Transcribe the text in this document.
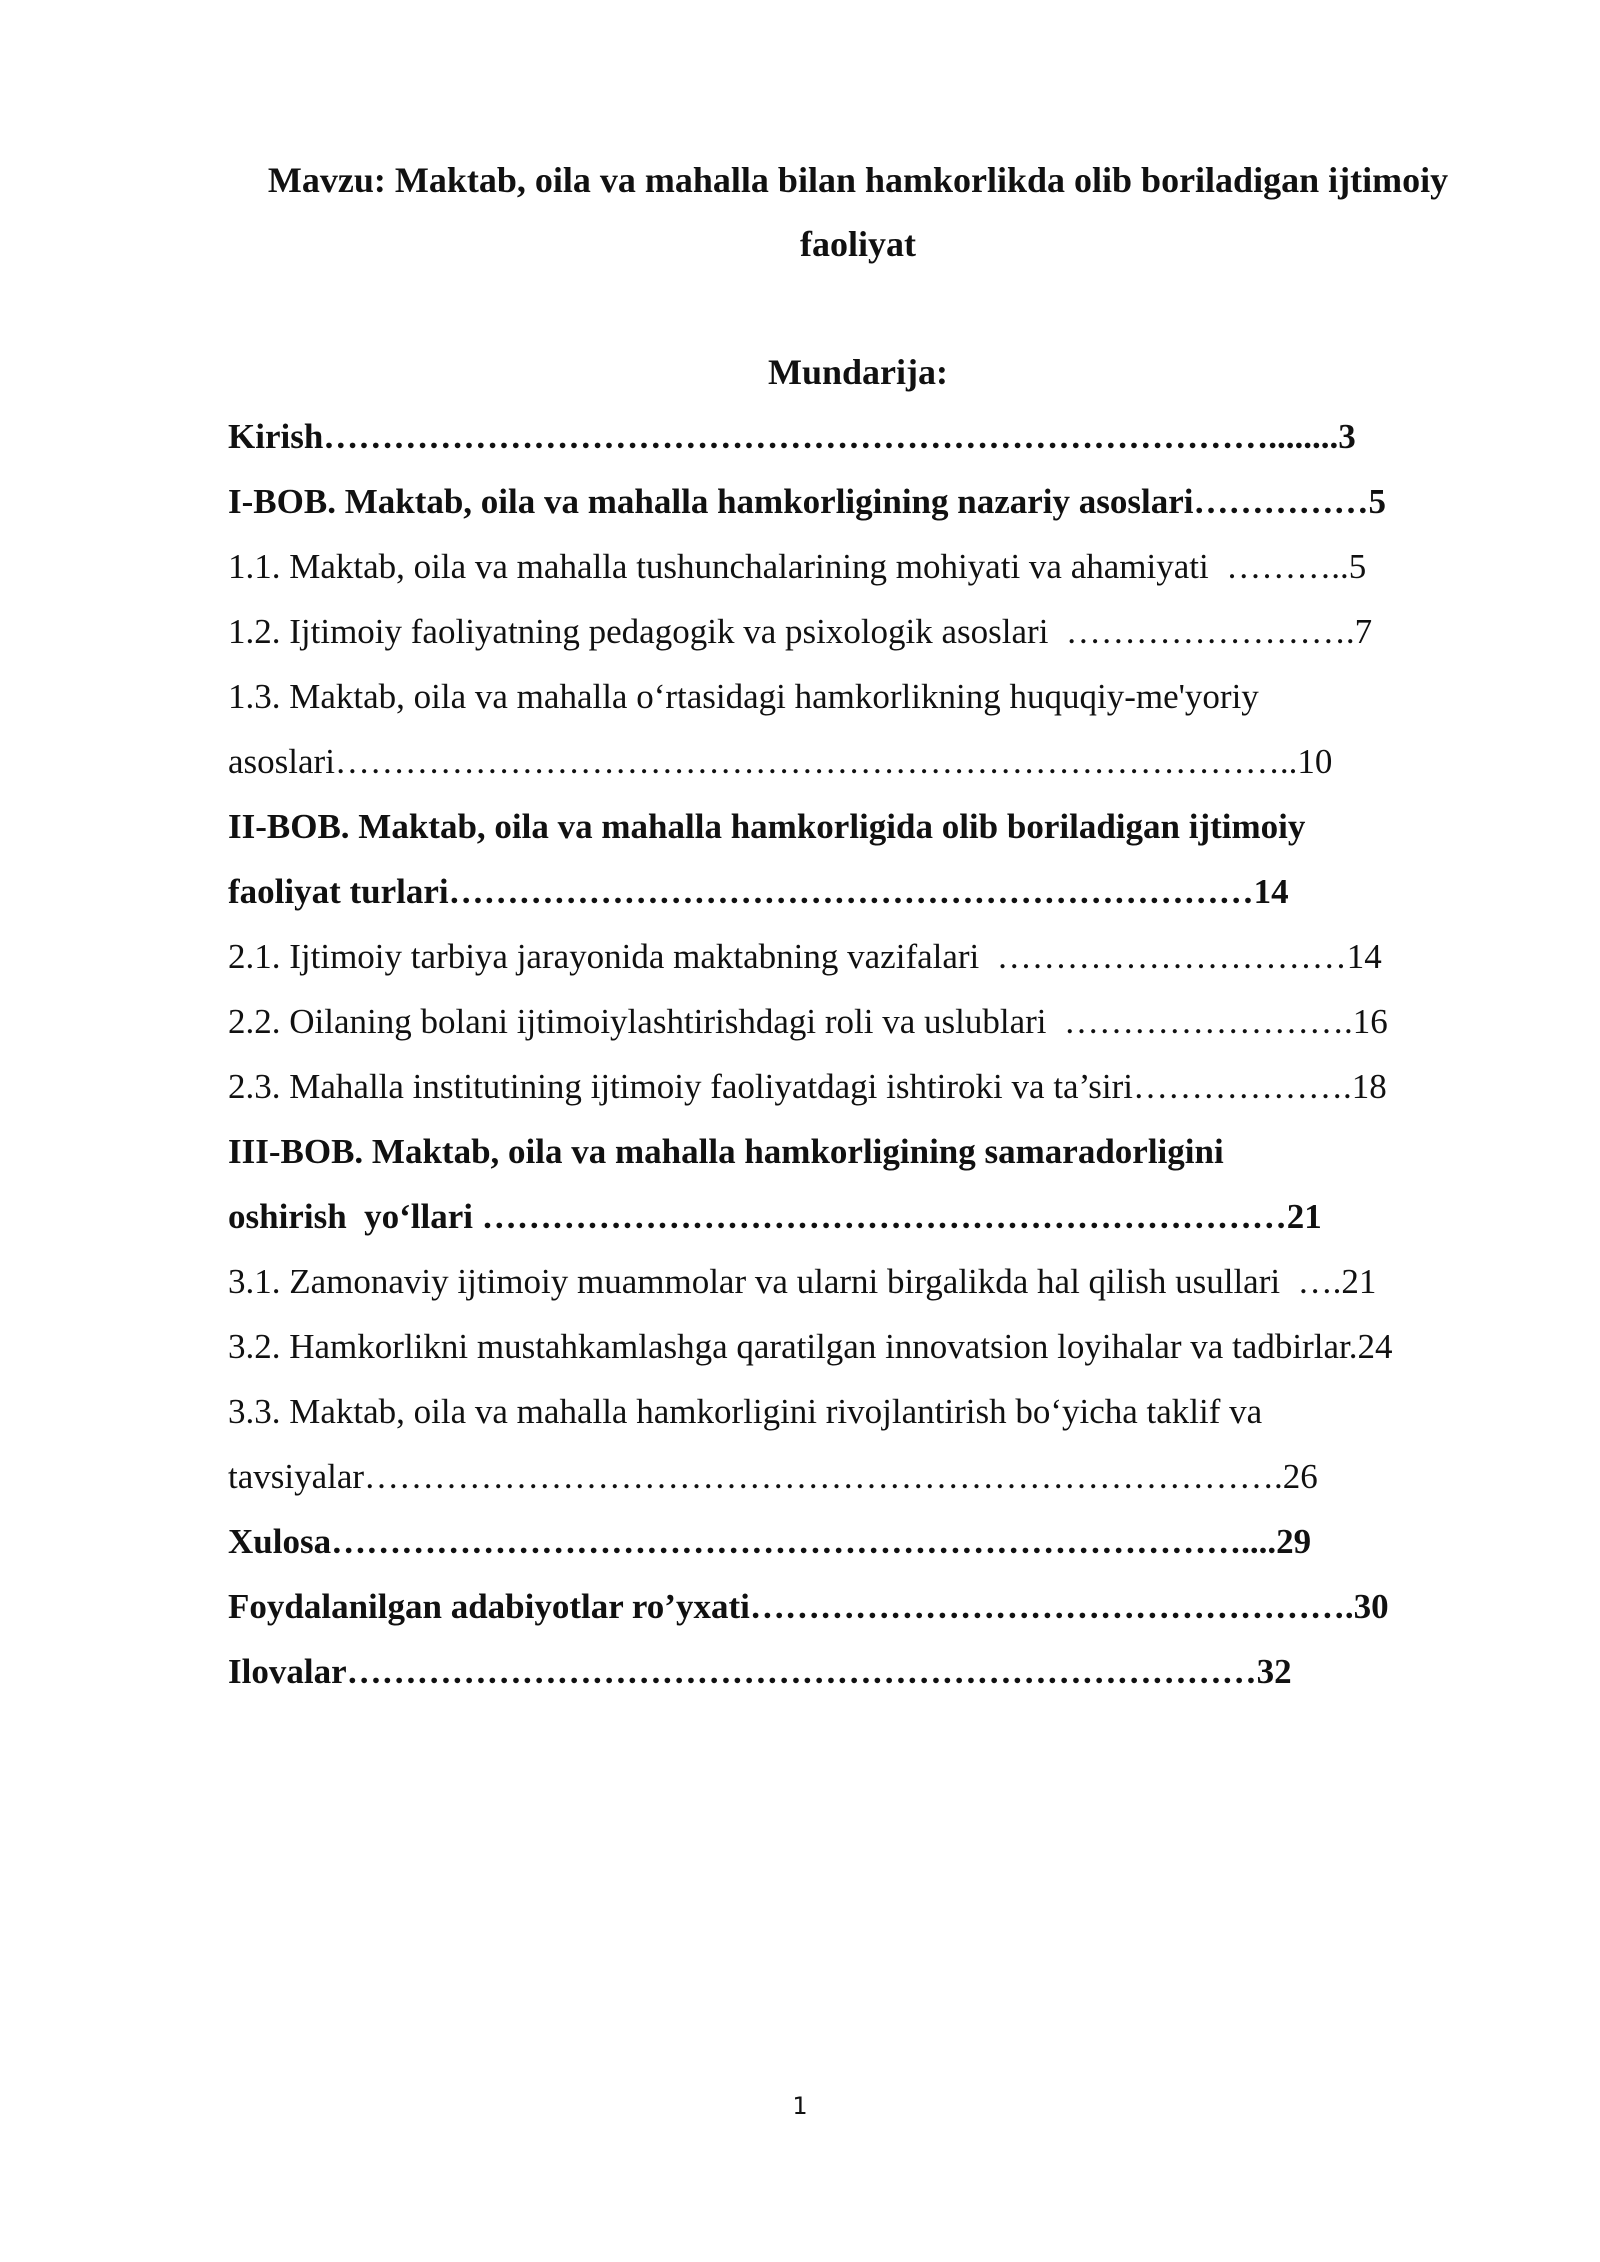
Mavzu: Maktab, oila va mahalla bilan hamkorlikda olib boriladigan ijtimoiy faoliyat
Mundarija:
Kirish………………………………………………………………………........3
I-BOB. Maktab, oila va mahalla hamkorligining nazariy asoslari……………5
1.1. Maktab, oila va mahalla tushunchalarining mohiyati va ahamiyati  ………..5
1.2. Ijtimoiy faoliyatning pedagogik va psixologik asoslari  …………………….7
1.3. Maktab, oila va mahalla oʻrtasidagi hamkorlikning huquqiy-me'yoriy
asoslari………………………………………………………………………..10
II-BOB. Maktab, oila va mahalla hamkorligida olib boriladigan ijtimoiy
faoliyat turlari……………………………………………………………14
2.1. Ijtimoiy tarbiya jarayonida maktabning vazifalari  …………………………14
2.2. Oilaning bolani ijtimoiylashtirishdagi roli va uslublari  …………………….16
2.3. Mahalla institutining ijtimoiy faoliyatdagi ishtiroki va ta’siri……………….18
III-BOB. Maktab, oila va mahalla hamkorligining samaradorligini
oshirish  yoʻllari ……………………………………………………………21
3.1. Zamonaviy ijtimoiy muammolar va ularni birgalikda hal qilish usullari  ….21
3.2. Hamkorlikni mustahkamlashga qaratilgan innovatsion loyihalar va tadbirlar.24
3.3. Maktab, oila va mahalla hamkorligini rivojlantirish boʻyicha taklif va
tavsiyalar…………………………………………………………………….26
Xulosa……………………………………………………………………....29
Foydalanilgan adabiyotlar ro’yxati…………………………………………….30
Ilovalar……………………………………………………………………32
1
